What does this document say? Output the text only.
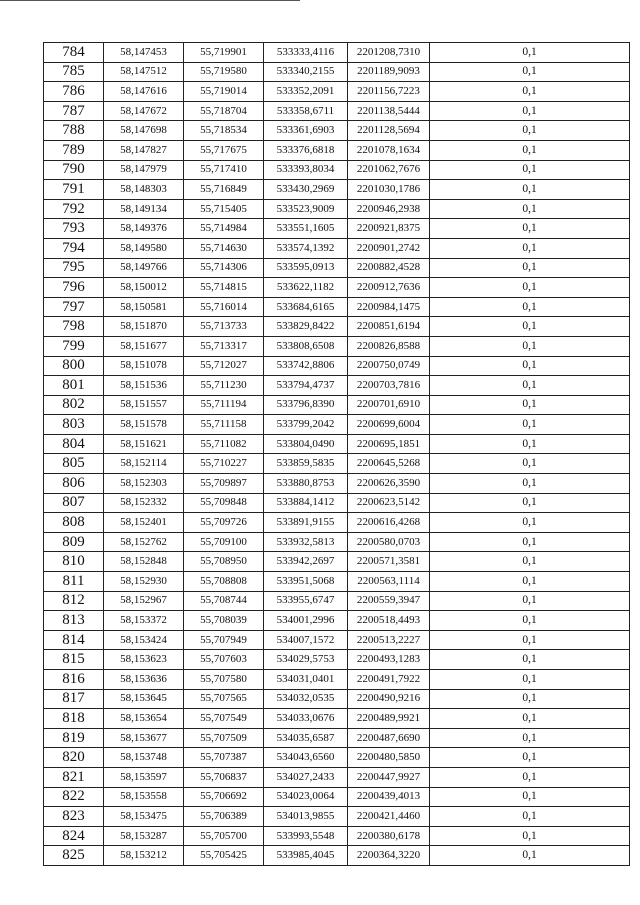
784	58,147453	55,719901	533333,4116	2201208,7310	0,1
785	58,147512	55,719580	533340,2155	2201189,9093	0,1
786	58,147616	55,719014	533352,2091	2201156,7223	0,1
787	58,147672	55,718704	533358,6711	2201138,5444	0,1
788	58,147698	55,718534	533361,6903	2201128,5694	0,1
789	58,147827	55,717675	533376,6818	2201078,1634	0,1
790	58,147979	55,717410	533393,8034	2201062,7676	0,1
791	58,148303	55,716849	533430,2969	2201030,1786	0,1
792	58,149134	55,715405	533523,9009	2200946,2938	0,1
793	58,149376	55,714984	533551,1605	2200921,8375	0,1
794	58,149580	55,714630	533574,1392	2200901,2742	0,1
795	58,149766	55,714306	533595,0913	2200882,4528	0,1
796	58,150012	55,714815	533622,1182	2200912,7636	0,1
797	58,150581	55,716014	533684,6165	2200984,1475	0,1
798	58,151870	55,713733	533829,8422	2200851,6194	0,1
799	58,151677	55,713317	533808,6508	2200826,8588	0,1
800	58,151078	55,712027	533742,8806	2200750,0749	0,1
801	58,151536	55,711230	533794,4737	2200703,7816	0,1
802	58,151557	55,711194	533796,8390	2200701,6910	0,1
803	58,151578	55,711158	533799,2042	2200699,6004	0,1
804	58,151621	55,711082	533804,0490	2200695,1851	0,1
805	58,152114	55,710227	533859,5835	2200645,5268	0,1
806	58,152303	55,709897	533880,8753	2200626,3590	0,1
807	58,152332	55,709848	533884,1412	2200623,5142	0,1
808	58,152401	55,709726	533891,9155	2200616,4268	0,1
809	58,152762	55,709100	533932,5813	2200580,0703	0,1
810	58,152848	55,708950	533942,2697	2200571,3581	0,1
811	58,152930	55,708808	533951,5068	2200563,1114	0,1
812	58,152967	55,708744	533955,6747	2200559,3947	0,1
813	58,153372	55,708039	534001,2996	2200518,4493	0,1
814	58,153424	55,707949	534007,1572	2200513,2227	0,1
815	58,153623	55,707603	534029,5753	2200493,1283	0,1
816	58,153636	55,707580	534031,0401	2200491,7922	0,1
817	58,153645	55,707565	534032,0535	2200490,9216	0,1
818	58,153654	55,707549	534033,0676	2200489,9921	0,1
819	58,153677	55,707509	534035,6587	2200487,6690	0,1
820	58,153748	55,707387	534043,6560	2200480,5850	0,1
821	58,153597	55,706837	534027,2433	2200447,9927	0,1
822	58,153558	55,706692	534023,0064	2200439,4013	0,1
823	58,153475	55,706389	534013,9855	2200421,4460	0,1
824	58,153287	55,705700	533993,5548	2200380,6178	0,1
825	58,153212	55,705425	533985,4045	2200364,3220	0,1
